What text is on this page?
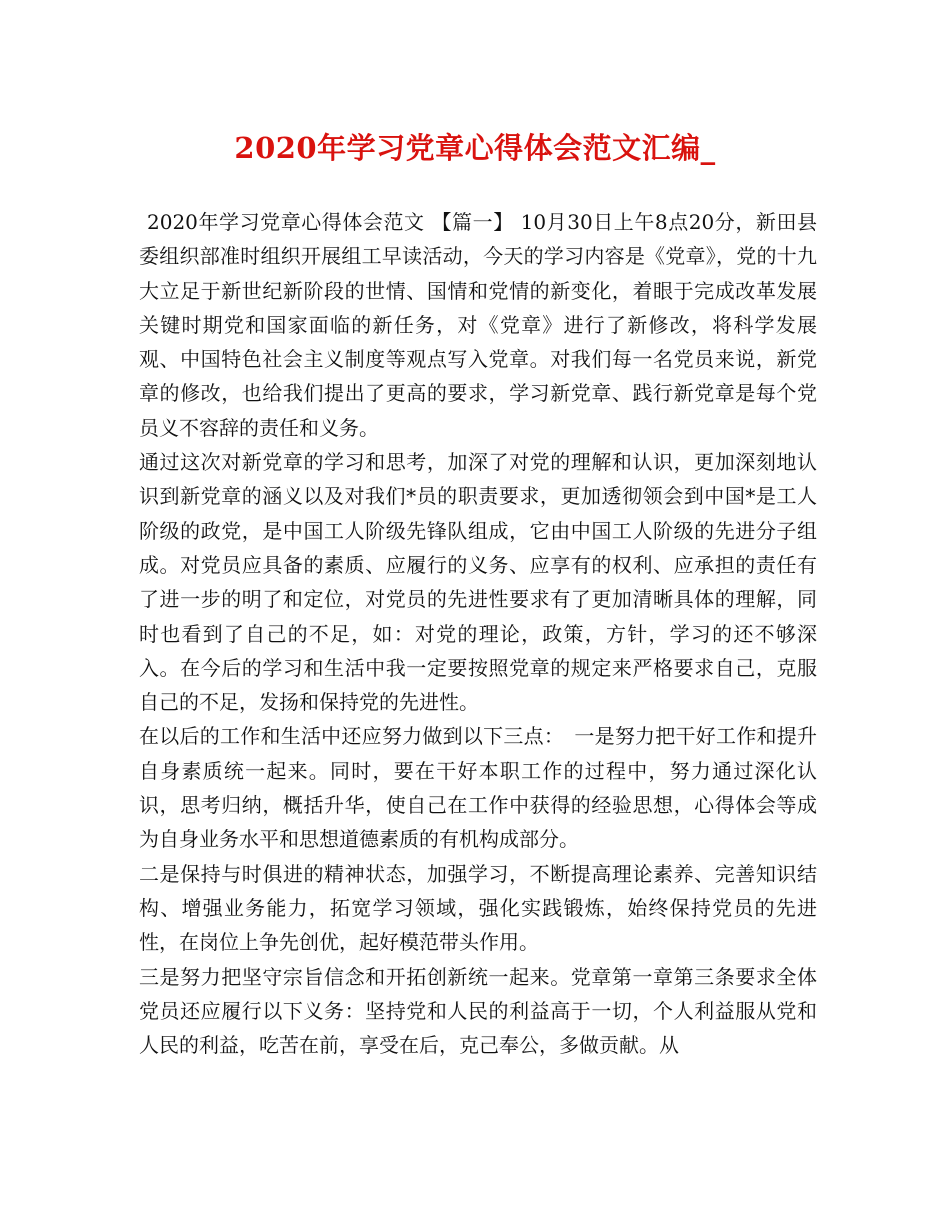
2020年学习党章心得体会范文汇编_

2020年学习党章心得体会范文 【篇一】 10月30日上午8点20分，新田县委组织部准时组织开展组工早读活动，今天的学习内容是《党章》，党的十九大立足于新世纪新阶段的世情、国情和党情的新变化，着眼于完成改革发展关键时期党和国家面临的新任务，对《党章》进行了新修改，将科学发展观、中国特色社会主义制度等观点写入党章。对我们每一名党员来说，新党章的修改，也给我们提出了更高的要求，学习新党章、践行新党章是每个党员义不容辞的责任和义务。

通过这次对新党章的学习和思考，加深了对党的理解和认识，更加深刻地认识到新党章的涵义以及对我们*员的职责要求，更加透彻领会到中国*是工人阶级的政党，是中国工人阶级先锋队组成，它由中国工人阶级的先进分子组成。对党员应具备的素质、应履行的义务、应享有的权利、应承担的责任有了进一步的明了和定位，对党员的先进性要求有了更加清晰具体的理解，同时也看到了自己的不足，如：对党的理论，政策，方针，学习的还不够深入。在今后的学习和生活中我一定要按照党章的规定来严格要求自己，克服自己的不足，发扬和保持党的先进性。

在以后的工作和生活中还应努力做到以下三点：　一是努力把干好工作和提升自身素质统一起来。同时，要在干好本职工作的过程中，努力通过深化认识，思考归纳，概括升华，使自己在工作中获得的经验思想，心得体会等成为自身业务水平和思想道德素质的有机构成部分。

二是保持与时俱进的精神状态，加强学习，不断提高理论素养、完善知识结构、增强业务能力，拓宽学习领域，强化实践锻炼，始终保持党员的先进性，在岗位上争先创优，起好模范带头作用。

三是努力把坚守宗旨信念和开拓创新统一起来。党章第一章第三条要求全体党员还应履行以下义务：坚持党和人民的利益高于一切，个人利益服从党和人民的利益，吃苦在前，享受在后，克己奉公，多做贡献。从
